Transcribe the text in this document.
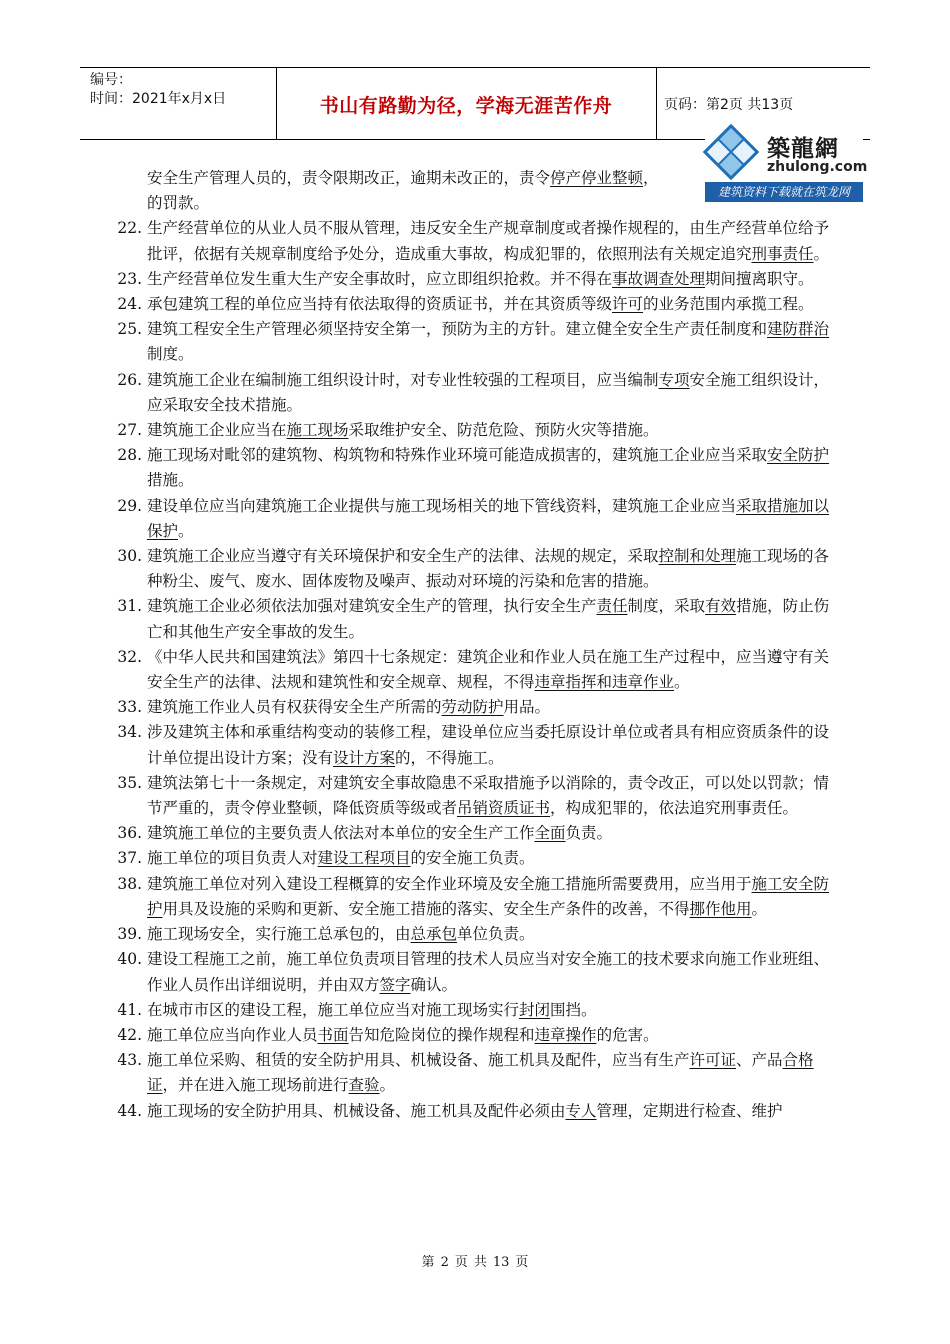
编号：
时间：2021年x月x日	书山有路勤为径，学海无涯苦作舟	页码：第2页 共13页
築龍網
zhulong.com
建筑资料下载就在筑龙网
安全生产管理人员的，责令限期改正，逾期未改正的，责令停产停业整顿，
的罚款。
22. 生产经营单位的从业人员不服从管理，违反安全生产规章制度或者操作规程的，由生产经营单位给予批评，依据有关规章制度给予处分，造成重大事故，构成犯罪的，依照刑法有关规定追究刑事责任。
23. 生产经营单位发生重大生产安全事故时，应立即组织抢救。并不得在事故调查处理期间擅离职守。
24. 承包建筑工程的单位应当持有依法取得的资质证书，并在其资质等级许可的业务范围内承揽工程。
25. 建筑工程安全生产管理必须坚持安全第一，预防为主的方针。建立健全安全生产责任制度和建防群治制度。
26. 建筑施工企业在编制施工组织设计时，对专业性较强的工程项目，应当编制专项安全施工组织设计，应采取安全技术措施。
27. 建筑施工企业应当在施工现场采取维护安全、防范危险、预防火灾等措施。
28. 施工现场对毗邻的建筑物、构筑物和特殊作业环境可能造成损害的，建筑施工企业应当采取安全防护措施。
29. 建设单位应当向建筑施工企业提供与施工现场相关的地下管线资料，建筑施工企业应当采取措施加以保护。
30. 建筑施工企业应当遵守有关环境保护和安全生产的法律、法规的规定，采取控制和处理施工现场的各种粉尘、废气、废水、固体废物及噪声、振动对环境的污染和危害的措施。
31. 建筑施工企业必须依法加强对建筑安全生产的管理，执行安全生产责任制度，采取有效措施，防止伤亡和其他生产安全事故的发生。
32. 《中华人民共和国建筑法》第四十七条规定：建筑企业和作业人员在施工生产过程中，应当遵守有关安全生产的法律、法规和建筑性和安全规章、规程，不得违章指挥和违章作业。
33. 建筑施工作业人员有权获得安全生产所需的劳动防护用品。
34. 涉及建筑主体和承重结构变动的装修工程，建设单位应当委托原设计单位或者具有相应资质条件的设计单位提出设计方案；没有设计方案的，不得施工。
35. 建筑法第七十一条规定，对建筑安全事故隐患不采取措施予以消除的，责令改正，可以处以罚款；情节严重的，责令停业整顿，降低资质等级或者吊销资质证书，构成犯罪的，依法追究刑事责任。
36. 建筑施工单位的主要负责人依法对本单位的安全生产工作全面负责。
37. 施工单位的项目负责人对建设工程项目的安全施工负责。
38. 建筑施工单位对列入建设工程概算的安全作业环境及安全施工措施所需要费用，应当用于施工安全防护用具及设施的采购和更新、安全施工措施的落实、安全生产条件的改善，不得挪作他用。
39. 施工现场安全，实行施工总承包的，由总承包单位负责。
40. 建设工程施工之前，施工单位负责项目管理的技术人员应当对安全施工的技术要求向施工作业班组、作业人员作出详细说明，并由双方签字确认。
41. 在城市市区的建设工程，施工单位应当对施工现场实行封闭围挡。
42. 施工单位应当向作业人员书面告知危险岗位的操作规程和违章操作的危害。
43. 施工单位采购、租赁的安全防护用具、机械设备、施工机具及配件，应当有生产许可证、产品合格证，并在进入施工现场前进行查验。
44. 施工现场的安全防护用具、机械设备、施工机具及配件必须由专人管理，定期进行检查、维护
第 2 页 共 13 页
